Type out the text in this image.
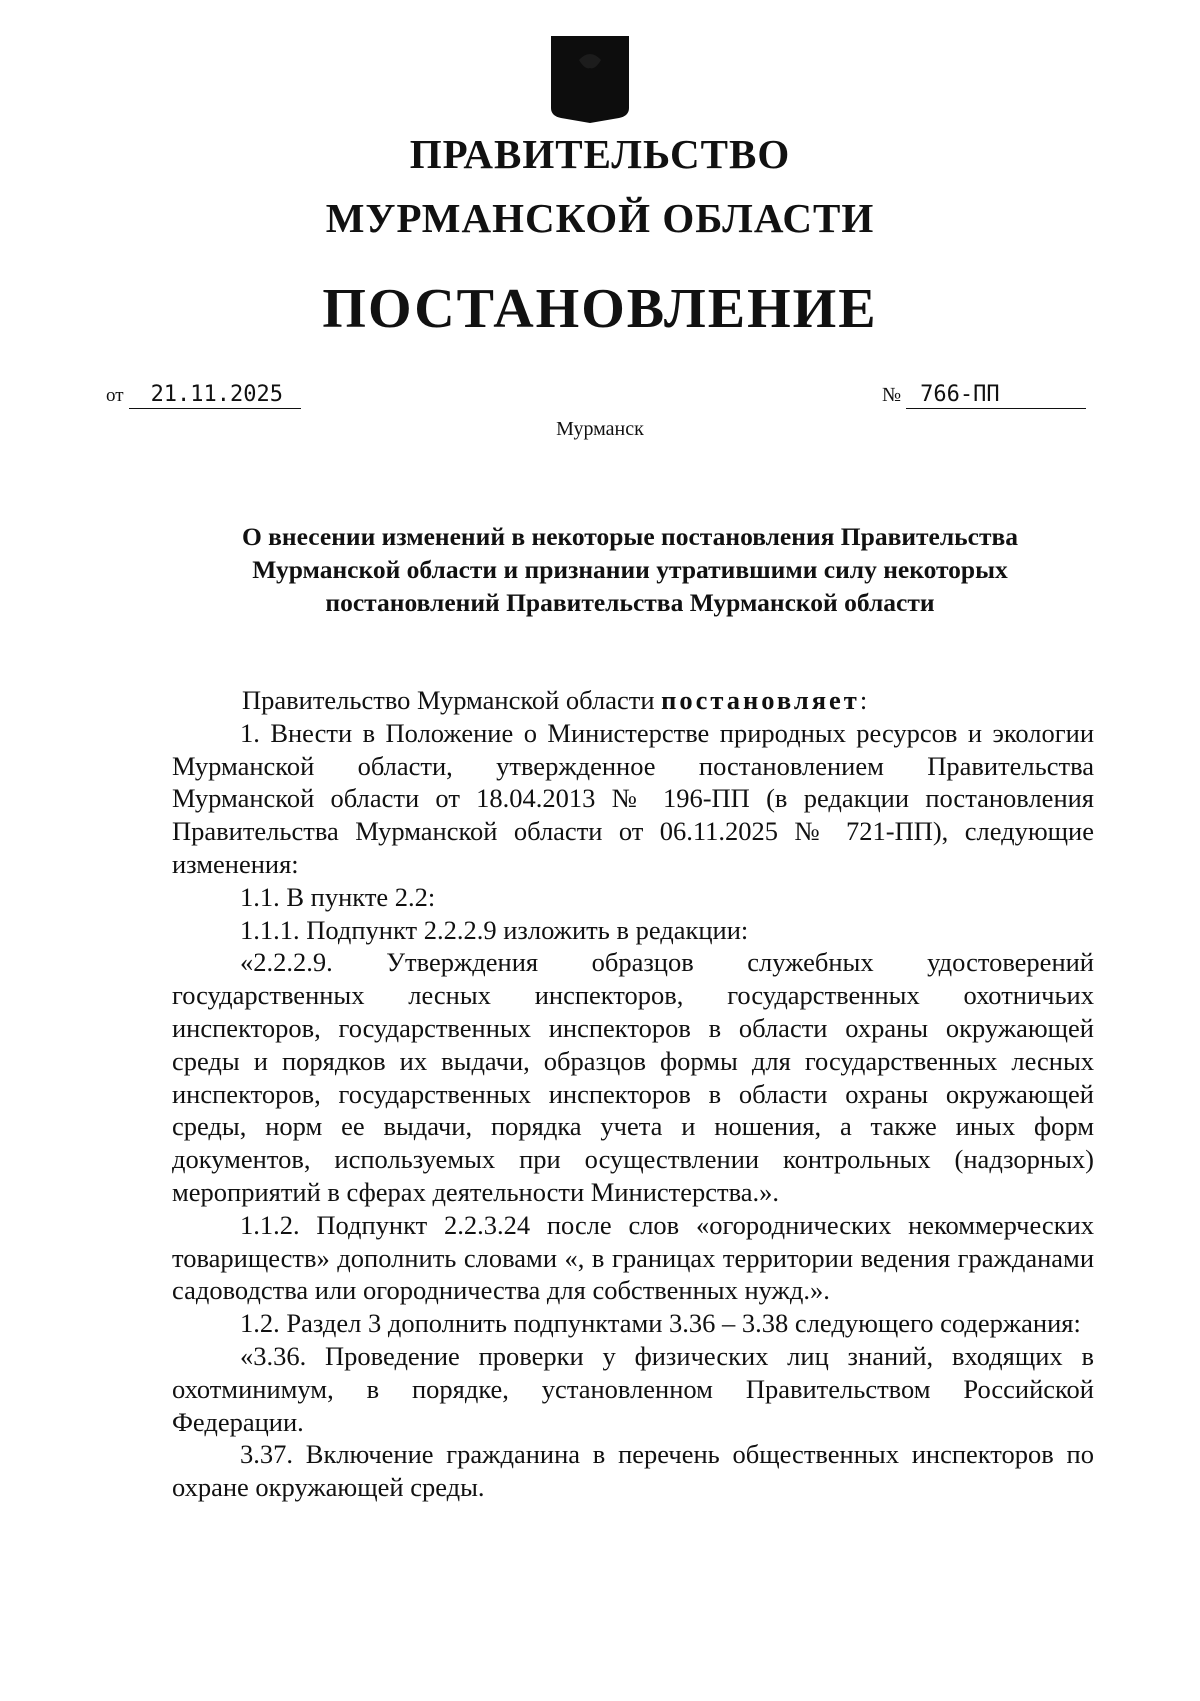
ПРАВИТЕЛЬСТВО
МУРМАНСКОЙ ОБЛАСТИ
ПОСТАНОВЛЕНИЕ
от 21.11.2025	№ 766-ПП
Мурманск
О внесении изменений в некоторые постановления Правительства
Мурманской области и признании утратившими силу некоторых
постановлений Правительства Мурманской области

Правительство Мурманской области постановляет:

1. Внести в Положение о Министерстве природных ресурсов и экологии Мурманской области, утвержденное постановлением Правительства Мурманской области от 18.04.2013 № 196-ПП (в редакции постановления Правительства Мурманской области от 06.11.2025 № 721-ПП), следующие изменения:

1.1. В пункте 2.2:

1.1.1. Подпункт 2.2.2.9 изложить в редакции:

«2.2.2.9. Утверждения образцов служебных удостоверений государственных лесных инспекторов, государственных охотничьих инспекторов, государственных инспекторов в области охраны окружающей среды и порядков их выдачи, образцов формы для государственных лесных инспекторов, государственных инспекторов в области охраны окружающей среды, норм ее выдачи, порядка учета и ношения, а также иных форм документов, используемых при осуществлении контрольных (надзорных) мероприятий в сферах деятельности Министерства.».

1.1.2. Подпункт 2.2.3.24 после слов «огороднических некоммерческих товариществ» дополнить словами «, в границах территории ведения гражданами садоводства или огородничества для собственных нужд.».

1.2. Раздел 3 дополнить подпунктами 3.36 – 3.38 следующего содержания:

«3.36. Проведение проверки у физических лиц знаний, входящих в охотминимум, в порядке, установленном Правительством Российской Федерации.

3.37. Включение гражданина в перечень общественных инспекторов по охране окружающей среды.
